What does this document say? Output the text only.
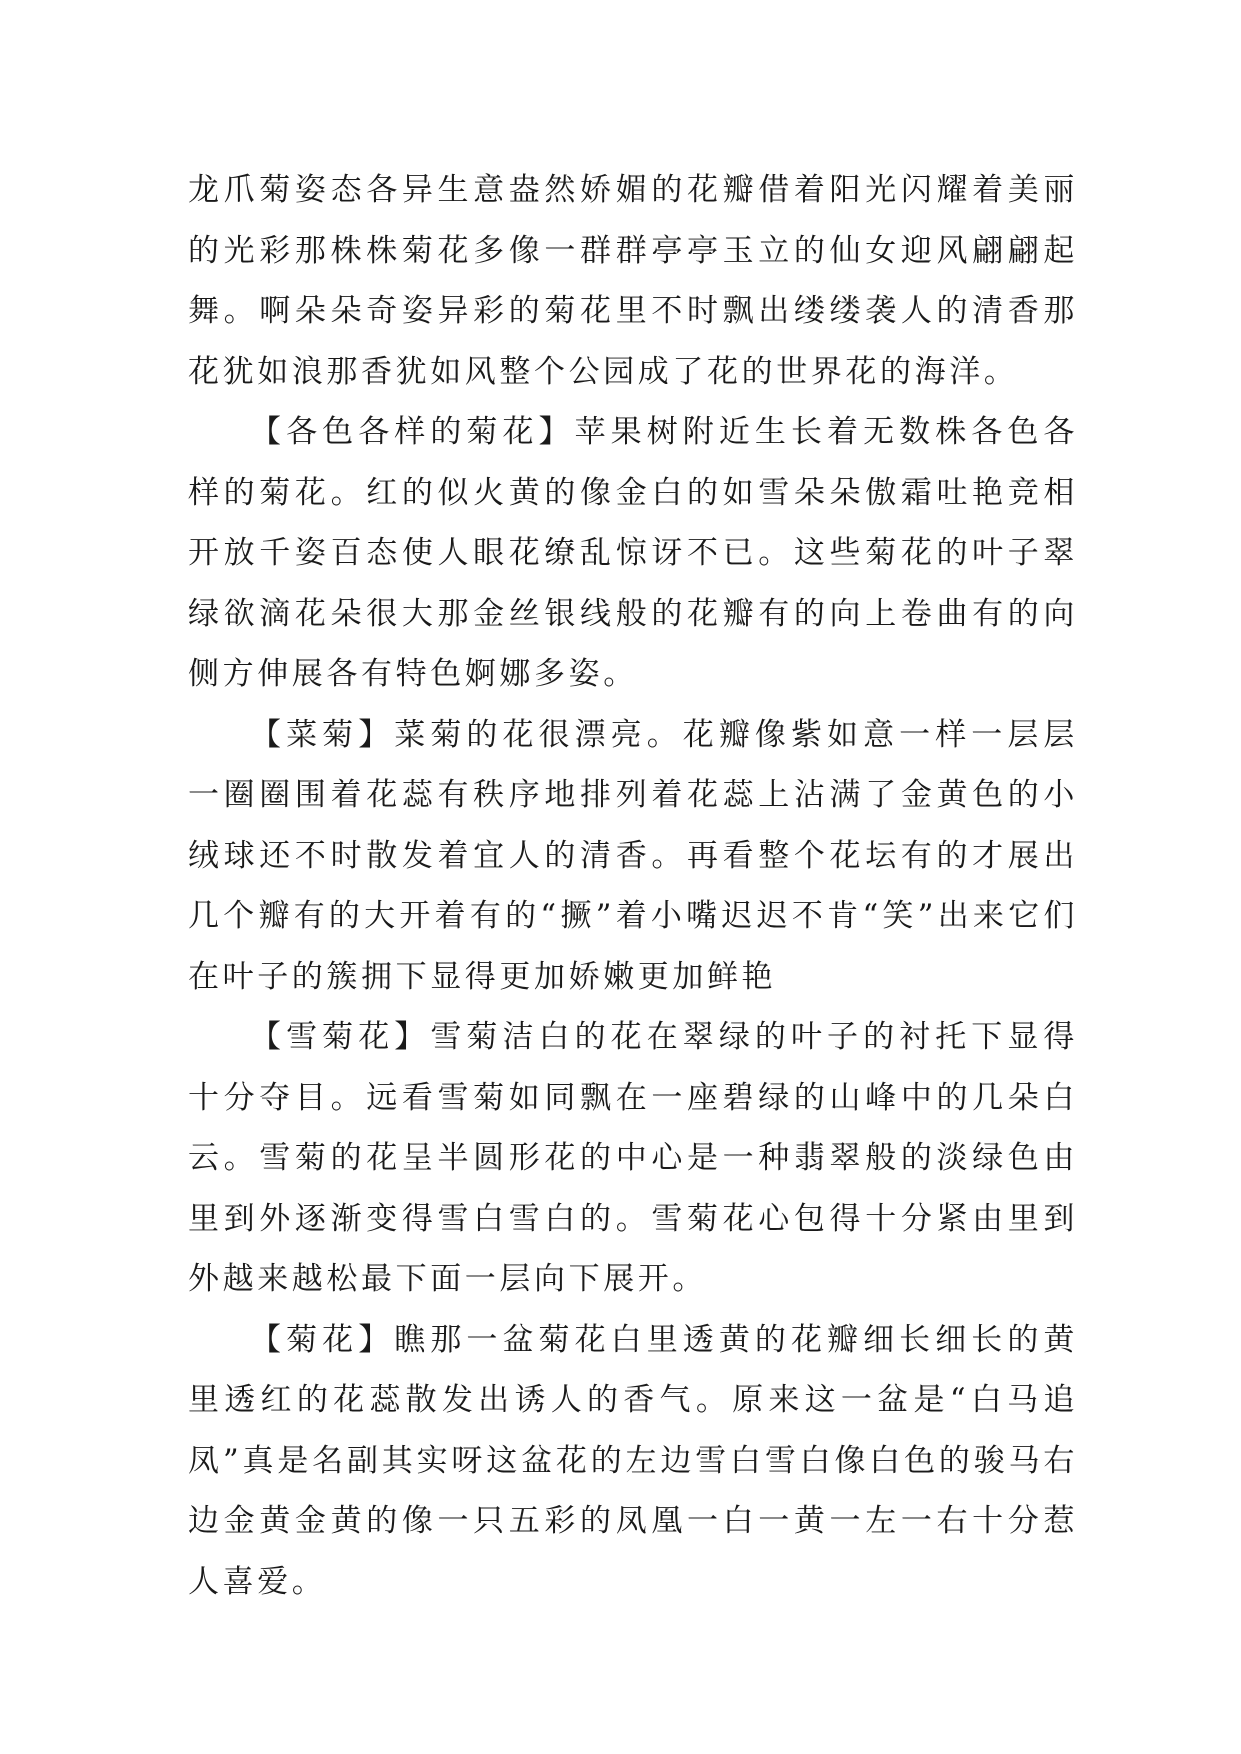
龙爪菊姿态各异生意盎然娇媚的花瓣借着阳光闪耀着美丽的光彩那株株菊花多像一群群亭亭玉立的仙女迎风翩翩起舞。啊朵朵奇姿异彩的菊花里不时飘出缕缕袭人的清香那花犹如浪那香犹如风整个公园成了花的世界花的海洋。

【各色各样的菊花】苹果树附近生长着无数株各色各样的菊花。红的似火黄的像金白的如雪朵朵傲霜吐艳竞相开放千姿百态使人眼花缭乱惊讶不已。这些菊花的叶子翠绿欲滴花朵很大那金丝银线般的花瓣有的向上卷曲有的向侧方伸展各有特色婀娜多姿。

【菜菊】菜菊的花很漂亮。花瓣像紫如意一样一层层一圈圈围着花蕊有秩序地排列着花蕊上沾满了金黄色的小绒球还不时散发着宜人的清香。再看整个花坛有的才展出几个瓣有的大开着有的“撅”着小嘴迟迟不肯“笑”出来它们在叶子的簇拥下显得更加娇嫩更加鲜艳

【雪菊花】雪菊洁白的花在翠绿的叶子的衬托下显得十分夺目。远看雪菊如同飘在一座碧绿的山峰中的几朵白云。雪菊的花呈半圆形花的中心是一种翡翠般的淡绿色由里到外逐渐变得雪白雪白的。雪菊花心包得十分紧由里到外越来越松最下面一层向下展开。

【菊花】瞧那一盆菊花白里透黄的花瓣细长细长的黄里透红的花蕊散发出诱人的香气。原来这一盆是“白马追凤”真是名副其实呀这盆花的左边雪白雪白像白色的骏马右边金黄金黄的像一只五彩的凤凰一白一黄一左一右十分惹人喜爱。
